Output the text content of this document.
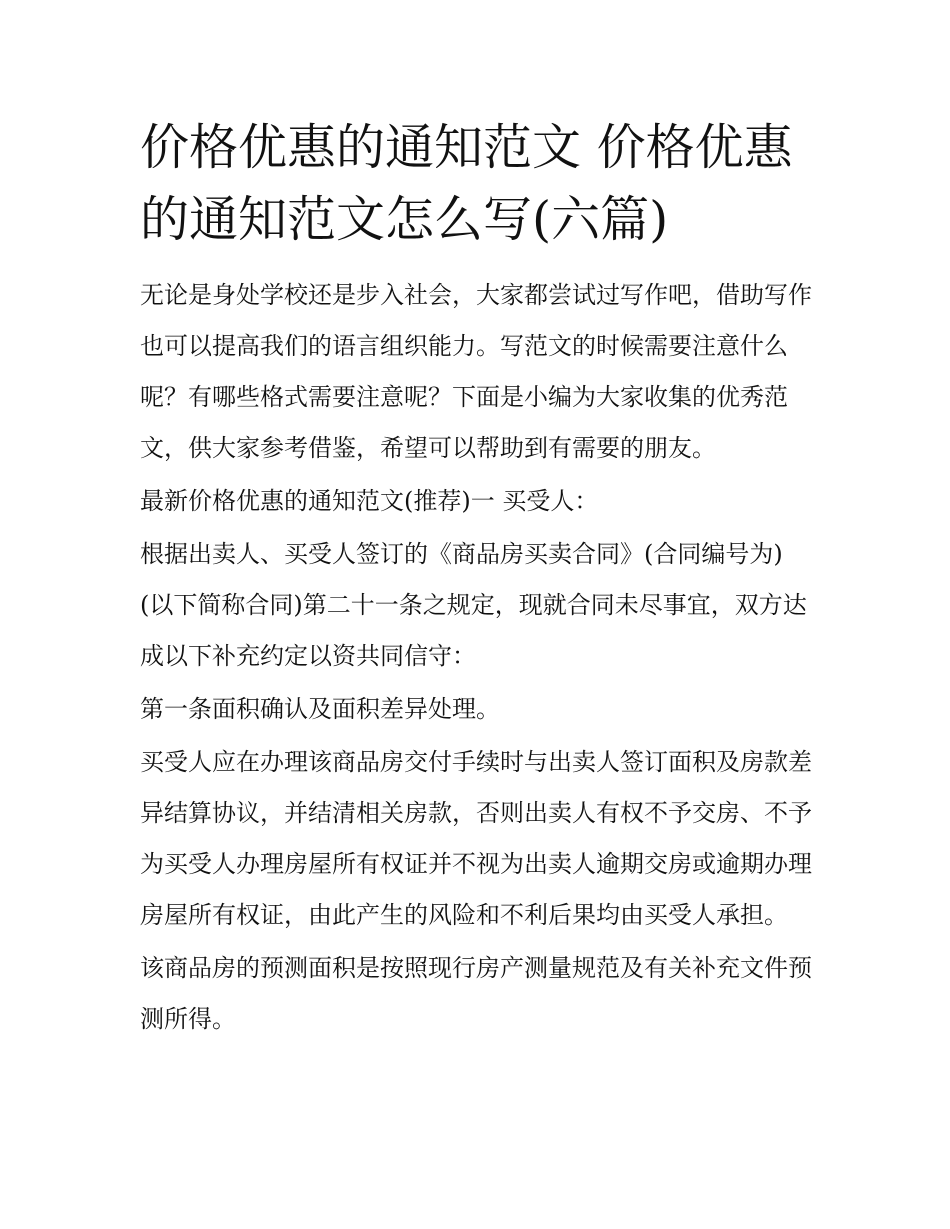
价格优惠的通知范文 价格优惠的通知范文怎么写(六篇)

无论是身处学校还是步入社会，大家都尝试过写作吧，借助写作也可以提高我们的语言组织能力。写范文的时候需要注意什么呢？有哪些格式需要注意呢？下面是小编为大家收集的优秀范文，供大家参考借鉴，希望可以帮助到有需要的朋友。

最新价格优惠的通知范文(推荐)一 买受人：

根据出卖人、买受人签订的《商品房买卖合同》(合同编号为)(以下简称合同)第二十一条之规定，现就合同未尽事宜，双方达成以下补充约定以资共同信守：

第一条面积确认及面积差异处理。

买受人应在办理该商品房交付手续时与出卖人签订面积及房款差异结算协议，并结清相关房款，否则出卖人有权不予交房、不予为买受人办理房屋所有权证并不视为出卖人逾期交房或逾期办理房屋所有权证，由此产生的风险和不利后果均由买受人承担。

该商品房的预测面积是按照现行房产测量规范及有关补充文件预测所得。
